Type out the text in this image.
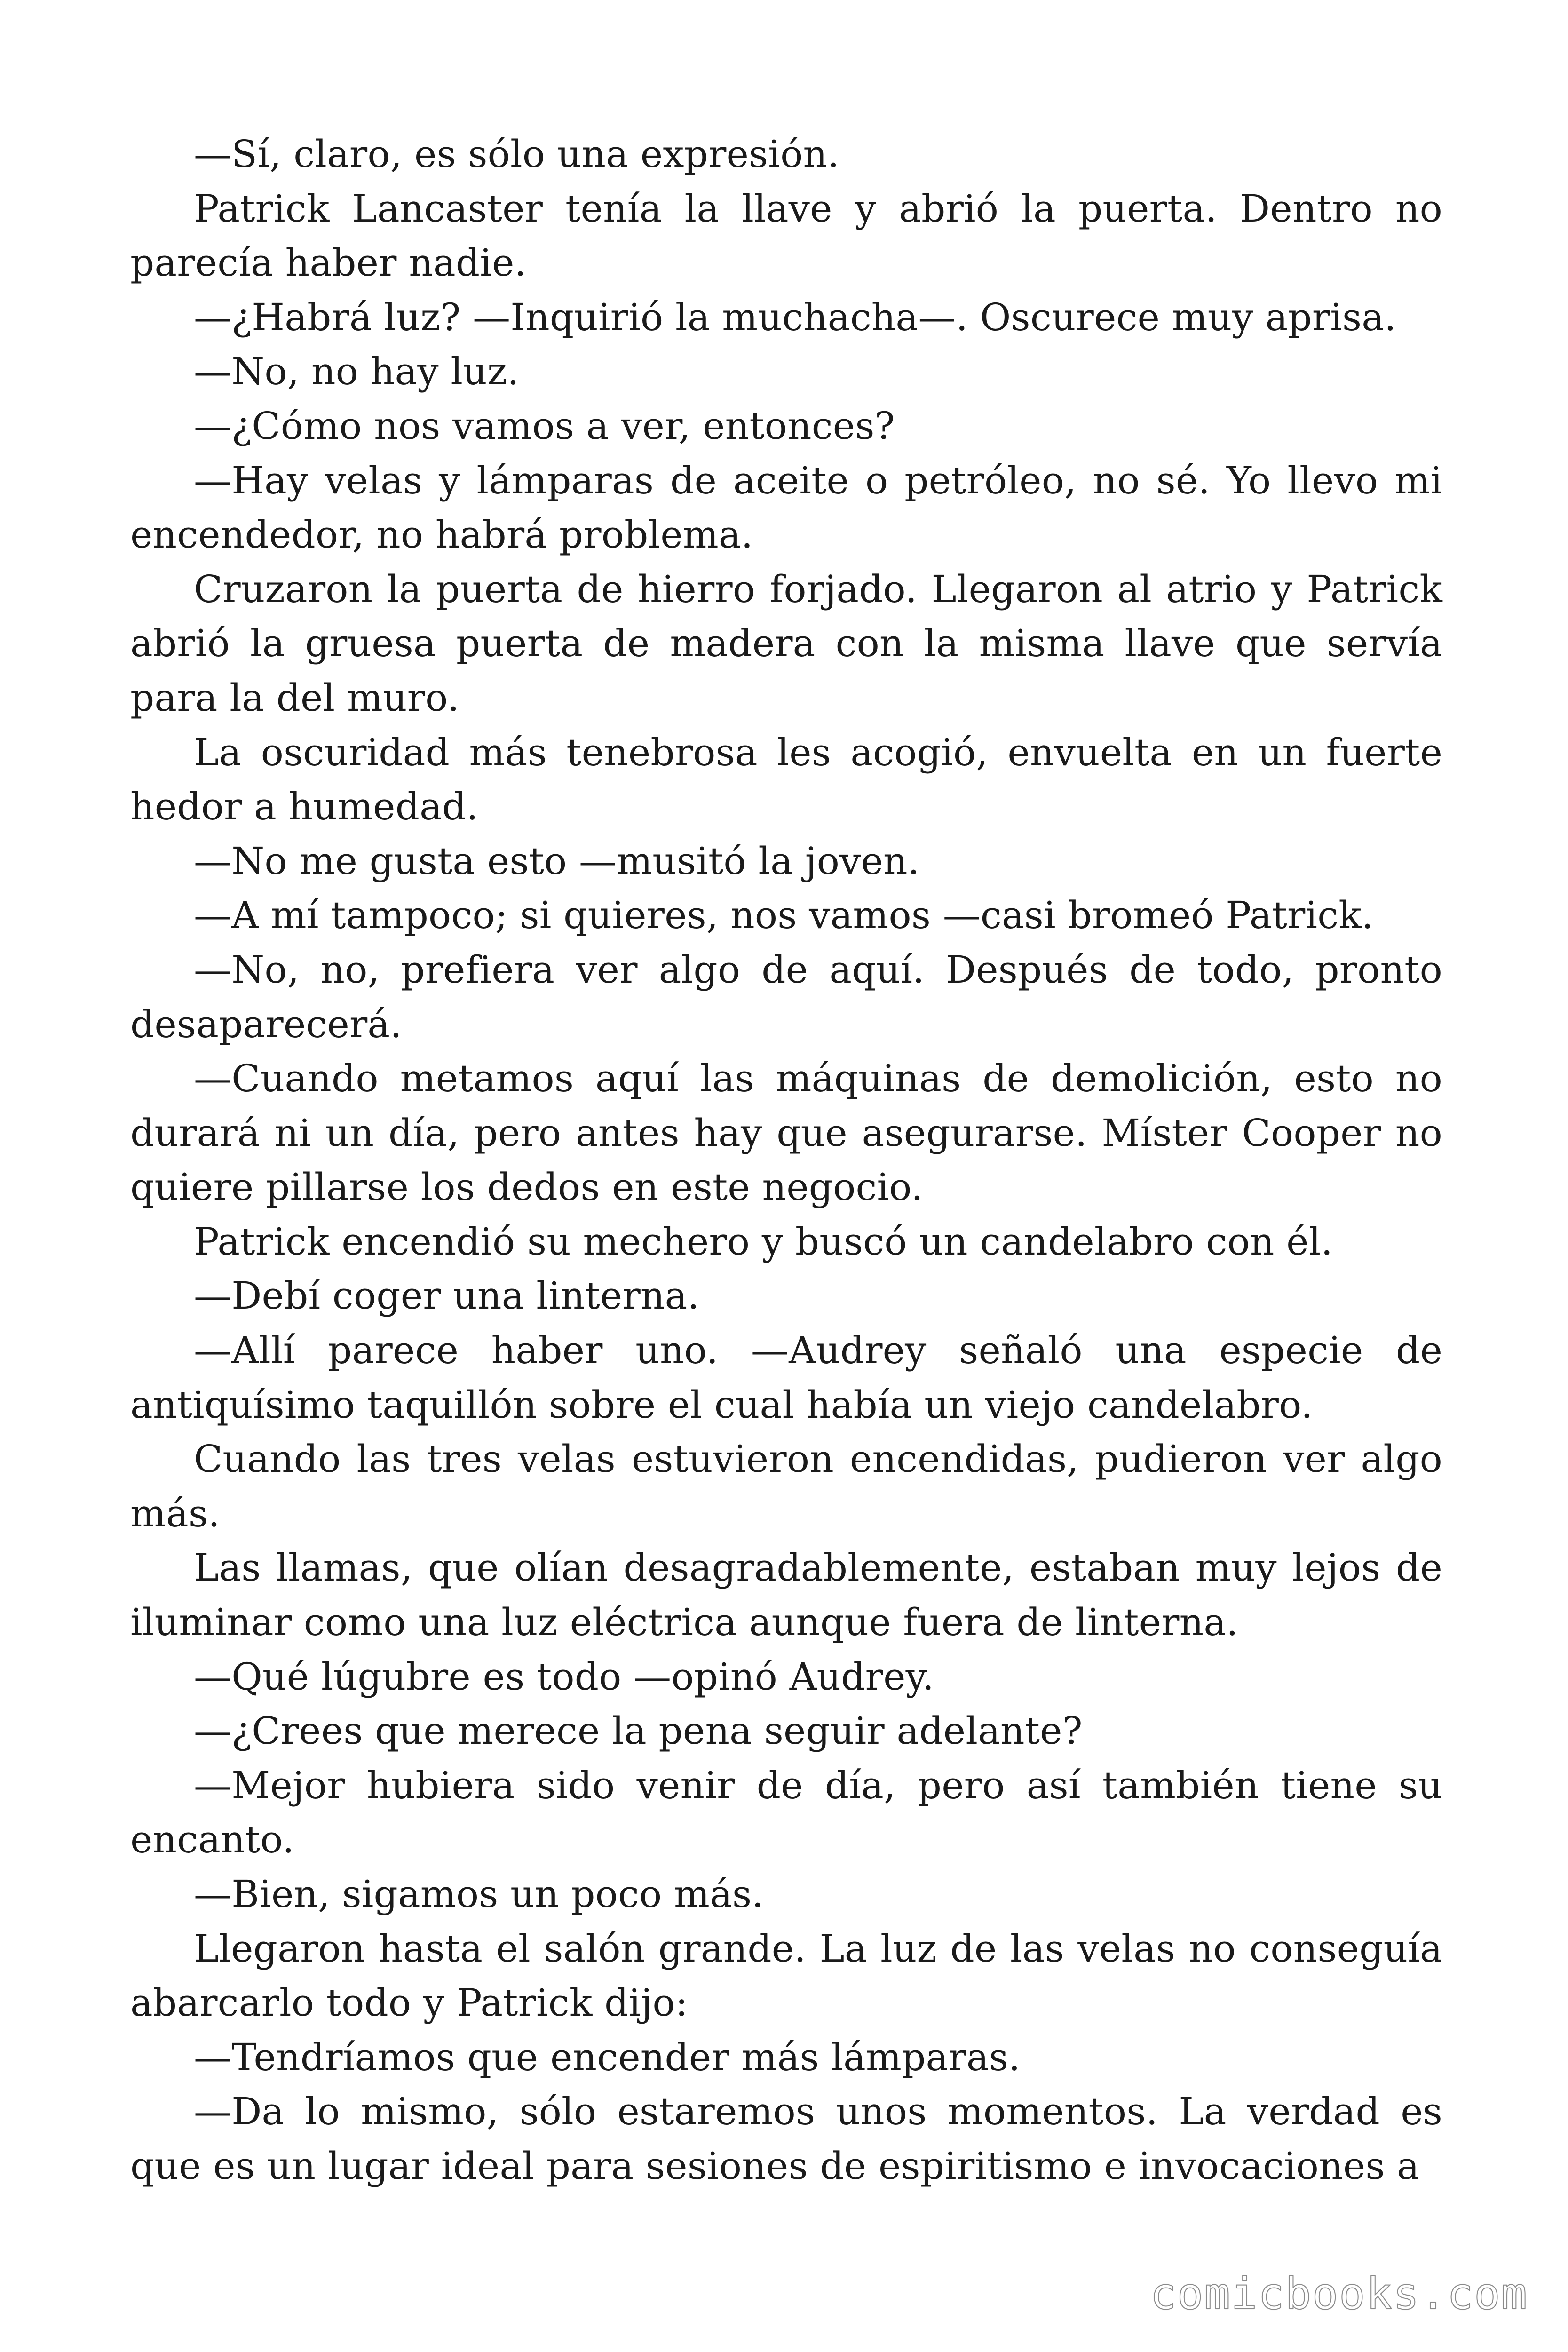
—Sí, claro, es sólo una expresión.

Patrick Lancaster tenía la llave y abrió la puerta. Dentro no parecía haber nadie.

—¿Habrá luz? —Inquirió la muchacha—. Oscurece muy aprisa.

—No, no hay luz.

—¿Cómo nos vamos a ver, entonces?

—Hay velas y lámparas de aceite o petróleo, no sé. Yo llevo mi encendedor, no habrá problema.

Cruzaron la puerta de hierro forjado. Llegaron al atrio y Patrick abrió la gruesa puerta de madera con la misma llave que servía para la del muro.

La oscuridad más tenebrosa les acogió, envuelta en un fuerte hedor a humedad.

—No me gusta esto —musitó la joven.

—A mí tampoco; si quieres, nos vamos —casi bromeó Patrick.

—No, no, prefiera ver algo de aquí. Después de todo, pronto desaparecerá.

—Cuando metamos aquí las máquinas de demolición, esto no durará ni un día, pero antes hay que asegurarse. Míster Cooper no quiere pillarse los dedos en este negocio.

Patrick encendió su mechero y buscó un candelabro con él.

—Debí coger una linterna.

—Allí parece haber uno. —Audrey señaló una especie de antiquísimo taquillón sobre el cual había un viejo candelabro.

Cuando las tres velas estuvieron encendidas, pudieron ver algo más.

Las llamas, que olían desagradablemente, estaban muy lejos de iluminar como una luz eléctrica aunque fuera de linterna.

—Qué lúgubre es todo —opinó Audrey.

—¿Crees que merece la pena seguir adelante?

—Mejor hubiera sido venir de día, pero así también tiene su encanto.

—Bien, sigamos un poco más.

Llegaron hasta el salón grande. La luz de las velas no conseguía abarcarlo todo y Patrick dijo:

—Tendríamos que encender más lámparas.

—Da lo mismo, sólo estaremos unos momentos. La verdad es que es un lugar ideal para sesiones de espiritismo e invocaciones a

comicbooks.com
